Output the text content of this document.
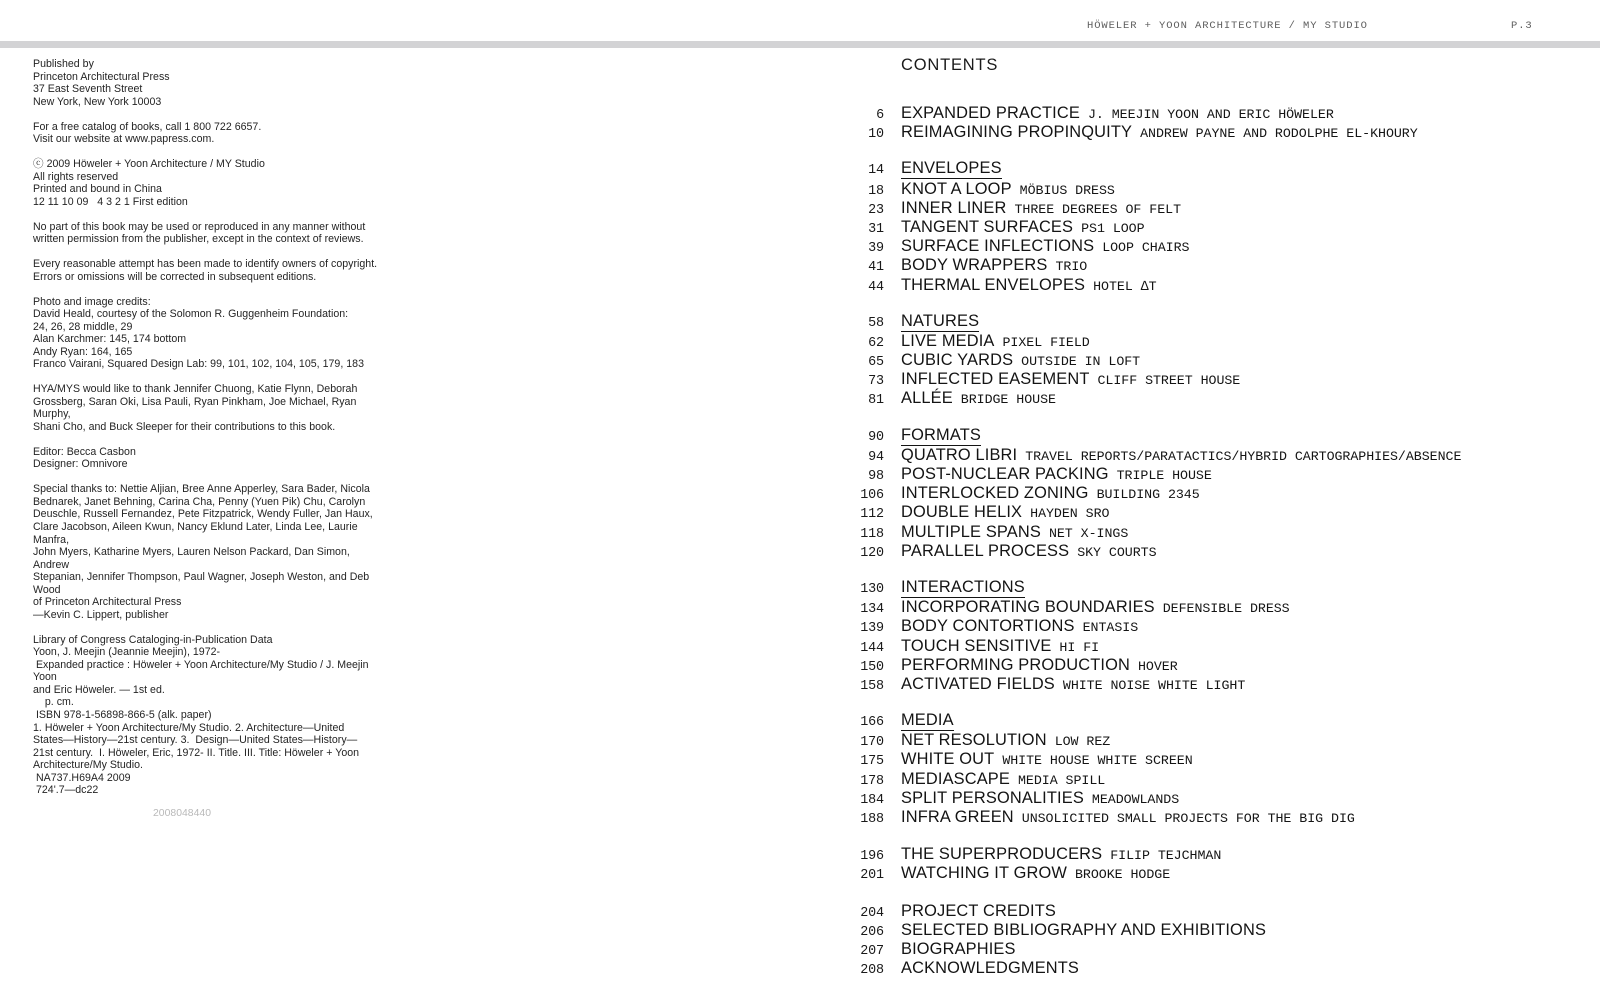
HÖWELER + YOON ARCHITECTURE / MY STUDIO	P.3
Published by
Princeton Architectural Press
37 East Seventh Street
New York, New York 10003
For a free catalog of books, call 1 800 722 6657.
Visit our website at www.papress.com.
ⓒ 2009 Höweler + Yoon Architecture / MY Studio
All rights reserved
Printed and bound in China
12 11 10 09   4 3 2 1 First edition
No part of this book may be used or reproduced in any manner without
written permission from the publisher, except in the context of reviews.
Every reasonable attempt has been made to identify owners of copyright.
Errors or omissions will be corrected in subsequent editions.
Photo and image credits:
David Heald, courtesy of the Solomon R. Guggenheim Foundation:
24, 26, 28 middle, 29
Alan Karchmer: 145, 174 bottom
Andy Ryan: 164, 165
Franco Vairani, Squared Design Lab: 99, 101, 102, 104, 105, 179, 183
HYA/MYS would like to thank Jennifer Chuong, Katie Flynn, Deborah
Grossberg, Saran Oki, Lisa Pauli, Ryan Pinkham, Joe Michael, Ryan Murphy,
Shani Cho, and Buck Sleeper for their contributions to this book.
Editor: Becca Casbon
Designer: Omnivore
Special thanks to: Nettie Aljian, Bree Anne Apperley, Sara Bader, Nicola
Bednarek, Janet Behning, Carina Cha, Penny (Yuen Pik) Chu, Carolyn
Deuschle, Russell Fernandez, Pete Fitzpatrick, Wendy Fuller, Jan Haux,
Clare Jacobson, Aileen Kwun, Nancy Eklund Later, Linda Lee, Laurie Manfra,
John Myers, Katharine Myers, Lauren Nelson Packard, Dan Simon, Andrew
Stepanian, Jennifer Thompson, Paul Wagner, Joseph Weston, and Deb Wood
of Princeton Architectural Press
—Kevin C. Lippert, publisher
Library of Congress Cataloging-in-Publication Data
Yoon, J. Meejin (Jeannie Meejin), 1972-
Expanded practice : Höweler + Yoon Architecture/My Studio / J. Meejin Yoon
and Eric Höweler. — 1st ed.
p. cm.
ISBN 978-1-56898-866-5 (alk. paper)
1. Höweler + Yoon Architecture/My Studio. 2. Architecture—United
States—History—21st century. 3.  Design—United States—History—
21st century.  I. Höweler, Eric, 1972- II. Title. III. Title: Höweler + Yoon
Architecture/My Studio.
NA737.H69A4 2009
724'.7—dc22
2008048440
CONTENTS
6 EXPANDED PRACTICE J. MEEJIN YOON AND ERIC HÖWELER
10 REIMAGINING PROPINQUITY ANDREW PAYNE AND RODOLPHE EL-KHOURY
14 ENVELOPES
18 KNOT A LOOP MÖBIUS DRESS
23 INNER LINER THREE DEGREES OF FELT
31 TANGENT SURFACES PS1 LOOP
39 SURFACE INFLECTIONS LOOP CHAIRS
41 BODY WRAPPERS TRIO
44 THERMAL ENVELOPES HOTEL ∆T
58 NATURES
62 LIVE MEDIA PIXEL FIELD
65 CUBIC YARDS OUTSIDE IN LOFT
73 INFLECTED EASEMENT CLIFF STREET HOUSE
81 ALLÉE BRIDGE HOUSE
90 FORMATS
94 QUATRO LIBRI TRAVEL REPORTS/PARATACTICS/HYBRID CARTOGRAPHIES/ABSENCE
98 POST-NUCLEAR PACKING TRIPLE HOUSE
106 INTERLOCKED ZONING BUILDING 2345
112 DOUBLE HELIX HAYDEN SRO
118 MULTIPLE SPANS NET X-INGS
120 PARALLEL PROCESS SKY COURTS
130 INTERACTIONS
134 INCORPORATING BOUNDARIES DEFENSIBLE DRESS
139 BODY CONTORTIONS ENTASIS
144 TOUCH SENSITIVE HI FI
150 PERFORMING PRODUCTION HOVER
158 ACTIVATED FIELDS WHITE NOISE WHITE LIGHT
166 MEDIA
170 NET RESOLUTION LOW REZ
175 WHITE OUT WHITE HOUSE WHITE SCREEN
178 MEDIASCAPE MEDIA SPILL
184 SPLIT PERSONALITIES MEADOWLANDS
188 INFRA GREEN UNSOLICITED SMALL PROJECTS FOR THE BIG DIG
196 THE SUPERPRODUCERS FILIP TEJCHMAN
201 WATCHING IT GROW BROOKE HODGE
204 PROJECT CREDITS
206 SELECTED BIBLIOGRAPHY AND EXHIBITIONS
207 BIOGRAPHIES
208 ACKNOWLEDGMENTS
